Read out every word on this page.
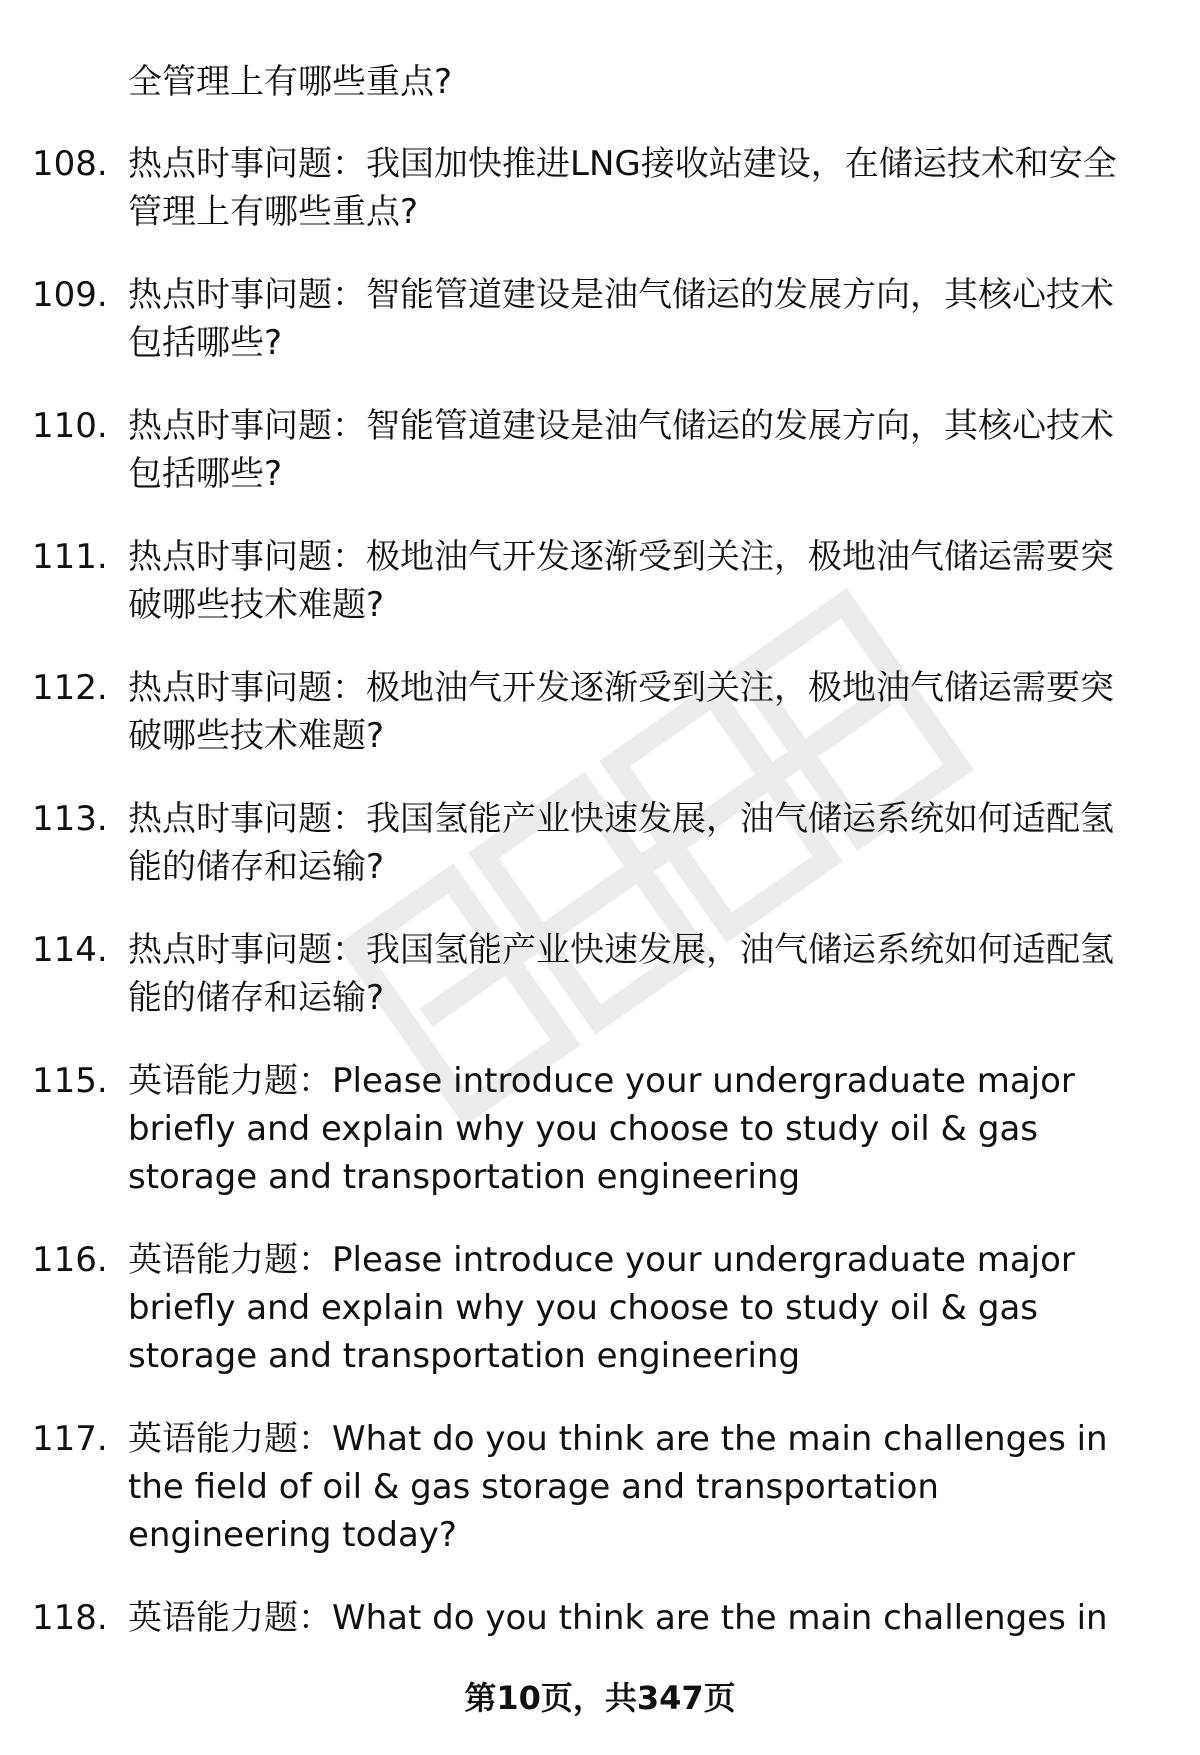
全管理上有哪些重点?
108. 热点时事问题：我国加快推进LNG接收站建设，在储运技术和安全管理上有哪些重点?
109. 热点时事问题：智能管道建设是油气储运的发展方向，其核心技术包括哪些?
110. 热点时事问题：智能管道建设是油气储运的发展方向，其核心技术包括哪些?
111. 热点时事问题：极地油气开发逐渐受到关注，极地油气储运需要突破哪些技术难题?
112. 热点时事问题：极地油气开发逐渐受到关注，极地油气储运需要突破哪些技术难题?
113. 热点时事问题：我国氢能产业快速发展，油气储运系统如何适配氢能的储存和运输?
114. 热点时事问题：我国氢能产业快速发展，油气储运系统如何适配氢能的储存和运输?
115. 英语能力题：Please introduce your undergraduate major briefly and explain why you choose to study oil & gas storage and transportation engineering
116. 英语能力题：Please introduce your undergraduate major briefly and explain why you choose to study oil & gas storage and transportation engineering
117. 英语能力题：What do you think are the main challenges in the field of oil & gas storage and transportation engineering today?
118. 英语能力题：What do you think are the main challenges in
第10页，共347页
